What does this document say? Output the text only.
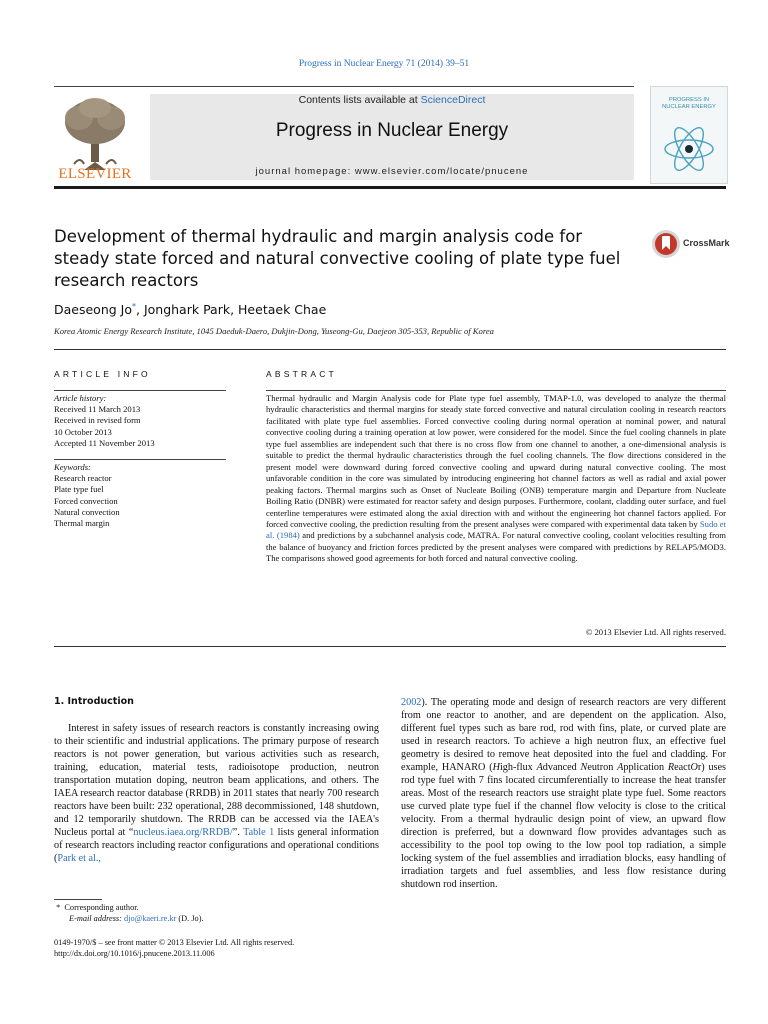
Progress in Nuclear Energy 71 (2014) 39–51
ELSEVIER
Contents lists available at ScienceDirect
Progress in Nuclear Energy
journal homepage: www.elsevier.com/locate/pnucene
PROGRESS IN NUCLEAR ENERGY
Development of thermal hydraulic and margin analysis code for steady state forced and natural convective cooling of plate type fuel research reactors
CrossMark
Daeseong Jo*, Jonghark Park, Heetaek Chae
Korea Atomic Energy Research Institute, 1045 Daeduk-Daero, Dukjin-Dong, Yuseong-Gu, Daejeon 305-353, Republic of Korea
ARTICLE INFO
Article history:
Received 11 March 2013
Received in revised form
10 October 2013
Accepted 11 November 2013
Keywords:
Research reactor
Plate type fuel
Forced convection
Natural convection
Thermal margin
ABSTRACT
Thermal hydraulic and Margin Analysis code for Plate type fuel assembly, TMAP-1.0, was developed to analyze the thermal hydraulic characteristics and thermal margins for steady state forced convective and natural circulation cooling in research reactors facilitated with plate type fuel assemblies. Forced convective cooling during normal operation at nominal power, and natural convective cooling during a training operation at low power, were considered for the model. Since the fuel cooling channels in plate type fuel assemblies are independent such that there is no cross flow from one channel to another, a one-dimensional analysis is suitable to predict the thermal hydraulic characteristics through the fuel cooling channels. The flow directions considered in the present model were downward during forced convective cooling and upward during natural convective cooling. The most unfavorable condition in the core was simulated by introducing engineering hot channel factors as well as radial and axial power peaking factors. Thermal margins such as Onset of Nucleate Boiling (ONB) temperature margin and Departure from Nucleate Boiling Ratio (DNBR) were estimated for reactor safety and design purposes. Furthermore, coolant, cladding outer surface, and fuel centerline temperatures were estimated along the axial direction with and without the engineering hot channel factors applied. For forced convective cooling, the prediction resulting from the present analyses were compared with experimental data taken by Sudo et al. (1984) and predictions by a subchannel analysis code, MATRA. For natural convective cooling, coolant velocities resulting from the balance of buoyancy and friction forces predicted by the present analyses were compared with predictions by RELAP5/MOD3. The comparisons showed good agreements for both forced and natural convective cooling.
© 2013 Elsevier Ltd. All rights reserved.
1. Introduction
Interest in safety issues of research reactors is constantly increasing owing to their scientific and industrial applications. The primary purpose of research reactors is not power generation, but various activities such as research, training, education, material tests, radioisotope production, neutron transportation mutation doping, neutron beam applications, and others. The IAEA research reactor database (RRDB) in 2011 states that nearly 700 research reactors have been built: 232 operational, 288 decommissioned, 148 shutdown, and 12 temporarily shutdown. The RRDB can be accessed via the IAEA's Nucleus portal at “nucleus.iaea.org/RRDB/”. Table 1 lists general information of research reactors including reactor configurations and operational conditions (Park et al.,
2002). The operating mode and design of research reactors are very different from one reactor to another, and are dependent on the application. Also, different fuel types such as bare rod, rod with fins, plate, or curved plate are used in research reactors. To achieve a high neutron flux, an effective fuel geometry is desired to remove heat deposited into the fuel and cladding. For example, HANARO (High-flux Advanced Neutron Application ReactOr) uses rod type fuel with 7 fins located circumferentially to increase the heat transfer areas. Most of the research reactors use straight plate type fuel. Some reactors use curved plate type fuel if the channel flow velocity is close to the critical velocity. From a thermal hydraulic design point of view, an upward flow direction is preferred, but a downward flow provides advantages such as accessibility to the pool top owing to the low pool top radiation, a simple locking system of the fuel assemblies and irradiation blocks, easy handling of irradiation targets and fuel assemblies, and less flow resistance during shutdown rod insertion.
* Corresponding author.
E-mail address: djo@kaeri.re.kr (D. Jo).
0149-1970/$ – see front matter © 2013 Elsevier Ltd. All rights reserved.
http://dx.doi.org/10.1016/j.pnucene.2013.11.006
